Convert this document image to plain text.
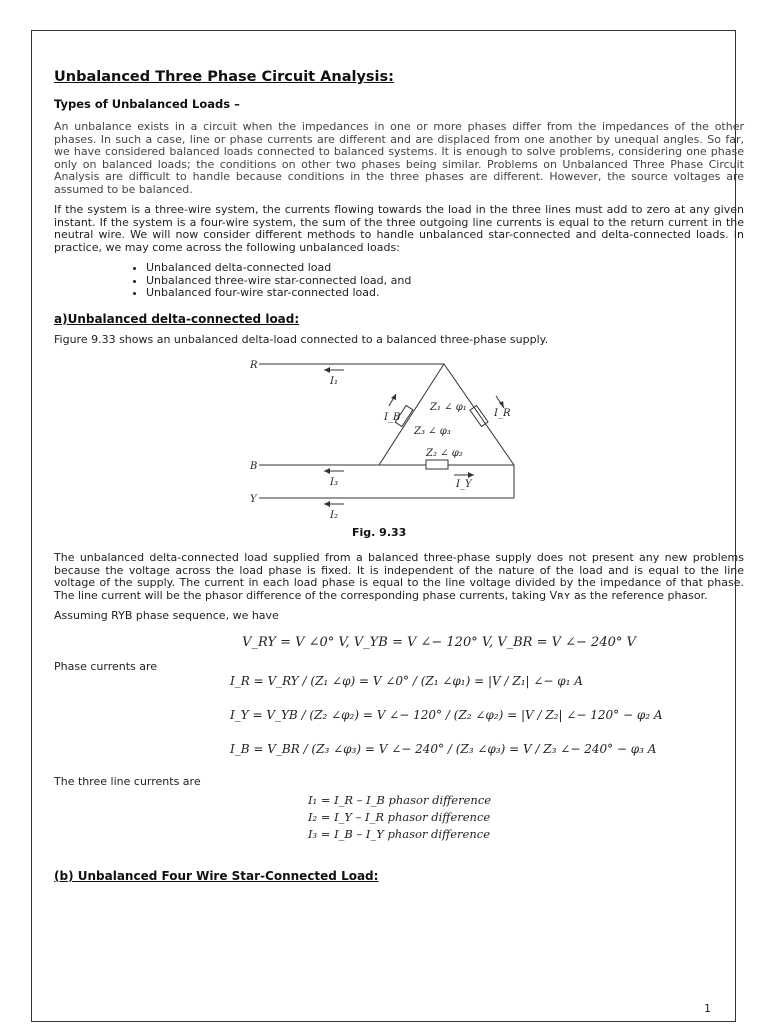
Unbalanced Three Phase Circuit Analysis:
Types of Unbalanced Loads –

An unbalance exists in a circuit when the impedances in one or more phases differ from the impedances of the other phases. In such a case, line or phase currents are different and are displaced from one another by unequal angles. So far, we have considered balanced loads connected to balanced systems. It is enough to solve problems, considering one phase only on balanced loads; the conditions on other two phases being similar. Problems on Unbalanced Three Phase Circuit Analysis are difficult to handle because conditions in the three phases are different. However, the source voltages are assumed to be balanced.

If the system is a three-wire system, the currents flowing towards the load in the three lines must add to zero at any given instant. If the system is a four-wire system, the sum of the three outgoing line currents is equal to the return current in the neutral wire. We will now consider different methods to handle unbalanced star-connected and delta-connected loads. In practice, we may come across the following unbalanced loads:

• Unbalanced delta-connected load
• Unbalanced three-wire star-connected load, and
• Unbalanced four-wire star-connected load.
a)Unbalanced delta-connected load:

Figure 9.33 shows an unbalanced delta-load connected to a balanced three-phase supply.

R
B
Y
I₁
I₃
I₂
I_B	I_R
I_Y
Z₁ ∠ φ₁
Z₃ ∠ φ₃
Z₂ ∠ φ₂
Fig. 9.33

The unbalanced delta-connected load supplied from a balanced three-phase supply does not present any new problems because the voltage across the load phase is fixed. It is independent of the nature of the load and is equal to the line voltage of the supply. The current in each load phase is equal to the line voltage divided by the impedance of that phase. The line current will be the phasor difference of the corresponding phase currents, taking Vʀʏ as the reference phasor.

Assuming RYB phase sequence, we have

V_RY = V ∠0° V, V_YB = V ∠− 120° V, V_BR = V ∠− 240° V
Phase currents are
I_R = V_RY / (Z₁ ∠φ) = V ∠0° / (Z₁ ∠φ₁) = |V / Z₁| ∠− φ₁ A
I_Y = V_YB / (Z₂ ∠φ₂) = V ∠− 120° / (Z₂ ∠φ₂) = |V / Z₂| ∠− 120° − φ₂ A
I_B = V_BR / (Z₃ ∠φ₃) = V ∠− 240° / (Z₃ ∠φ₃) = V / Z₃ ∠− 240° − φ₃ A

The three line currents are

I₁ = I_R – I_B phasor difference
I₂ = I_Y – I_R phasor difference
I₃ = I_B – I_Y phasor difference
(b) Unbalanced Four Wire Star-Connected Load:
1
